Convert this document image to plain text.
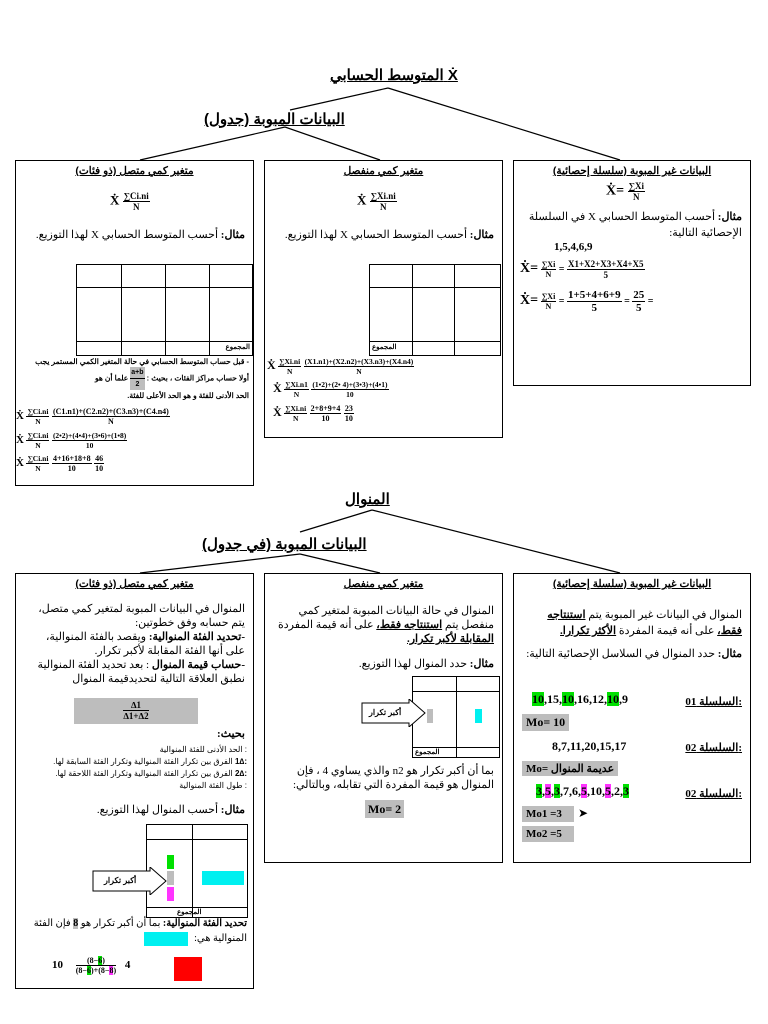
المتوسط الحسابي Ẋ
البيانات المبوبة (جدول)
البيانات غير المبوبة (سلسلة إحصائية)
Ẋ= $\frac{\sum Xi}{N}$
مثال: أحسب المتوسط الحسابي X في السلسلة الإحصائية التالية:
1,5,4,6,9
Ẋ= $\frac{\sum Xi}{N} = \frac{X1+X2+X3+X4+X5}{5}$
Ẋ= $\frac{\sum Xi}{N} = \frac{1+5+4+6+9}{5} = \frac{25}{5}$ =
متغير كمي منفصل
Ẋ $\frac{\sum Xi.ni}{N}$
مثال: أحسب المتوسط الحسابي X لهذا التوزيع.
المجموع
Ẋ $\frac{\sum Xi.ni}{N}$
$\frac{(X1.n1)+(X2.n2)+(X3.n3)+(X4.n4)}{N}$
Ẋ $\frac{\sum Xi.n1}{N}$
$\frac{(1•2)+(2• 4)+(3•3)+(4•1)}{10}$
Ẋ $\frac{\sum Xi.ni}{N}$
$\frac{2+8+9+4}{10}$
$\frac{23}{10}$
متغير كمي متصل (ذو فئات)
Ẋ $\frac{\sum Ci.ni}{N}$
مثال: أحسب المتوسط الحسابي X لهذا التوزيع.
المجموع
- قبل حساب المتوسط الحسابي في حالة المتغير الكمي المستمر يجب
أولا حساب مراكز الفئات ، بحيث :
$\frac{a+b}{2}$
علما أن هو
الحد الأدنى للفئة و هو الحد الأعلى للفئة.
Ẋ $\frac{\sum Ci.ni}{N}$
$\frac{(C1.n1)+(C2.n2)+(C3.n3)+(C4.n4)}{N}$
Ẋ $\frac{\sum Ci.ni}{N}$
$\frac{(2•2)+(4•4)+(3•6)+(1•8)}{10}$
Ẋ $\frac{\sum Ci.ni}{N}$
$\frac{4+16+18+8}{10}$
$\frac{46}{10}$
المنوال
البيانات المبوبة (في جدول)
البيانات غير المبوبة (سلسلة إحصائية)
المنوال في البيانات غير المبوبة يتم استنتاجه فقط، على أنه قيمة المفردة الأكثر تكرارا.
مثال: حدد المنوال في السلاسل الإحصائية التالية:
السلسلة 01:
10,15,10,16,12,10,9
Mo= 10
السلسلة 02:
8,7,11,20,15,17
عديمة المنوال =Mo
السلسلة 02:
3,5,3,7,6,5,10,5,2,3
Mo1 =3	➤
Mo2 =5
متغير كمي منفصل
المنوال في حالة البيانات المبوبة لمتغير كمي منفصل يتم استنتاجه فقط، على أنه قيمة المفردة المقابلة لأكبر تكرار.
مثال: حدد المنوال لهذا التوزيع.
المجموع
أكبر تكرار
بما أن أكبر تكرار هو n2 والذي يساوي 4 ، فإن
المنوال هو قيمة المفردة التي تقابله، وبالتالي:
Mo= 2
متغير كمي متصل (ذو فئات)
المنوال في البيانات المبوبة لمتغير كمي متصل، يتم حسابه وفق خطوتين:
-تحديد الفئة المنوالية: ويقصد بالفئة المنوالية، على أنها الفئة المقابلة لأكبر تكرار.
-حساب قيمة المنوال : بعد تحديد الفئة المنوالية نطبق العلاقة التالية لتحديدقيمة المنوال
$\frac{\Delta 1}{\Delta 1+\Delta 2}$
بحيث:
: الحد الأدنى للفئة المنوالية
:∆1 الفرق بين تكرار الفئة المنوالية وتكرار الفئة السابقة لها.
:∆2 الفرق بين تكرار الفئة المنوالية وتكرار الفئة اللاحقة لها.
: طول الفئة المنوالية
مثال: أحسب المنوال لهذا التوزيع.
المجموع
أكبر تكرار
تحديد الفئة المنوالية: بما أن أكبر تكرار هو 8 فإن الفئة المنوالية هي:
$10 \frac{(8-6)}{(8-6)+(8-8)} 4$
